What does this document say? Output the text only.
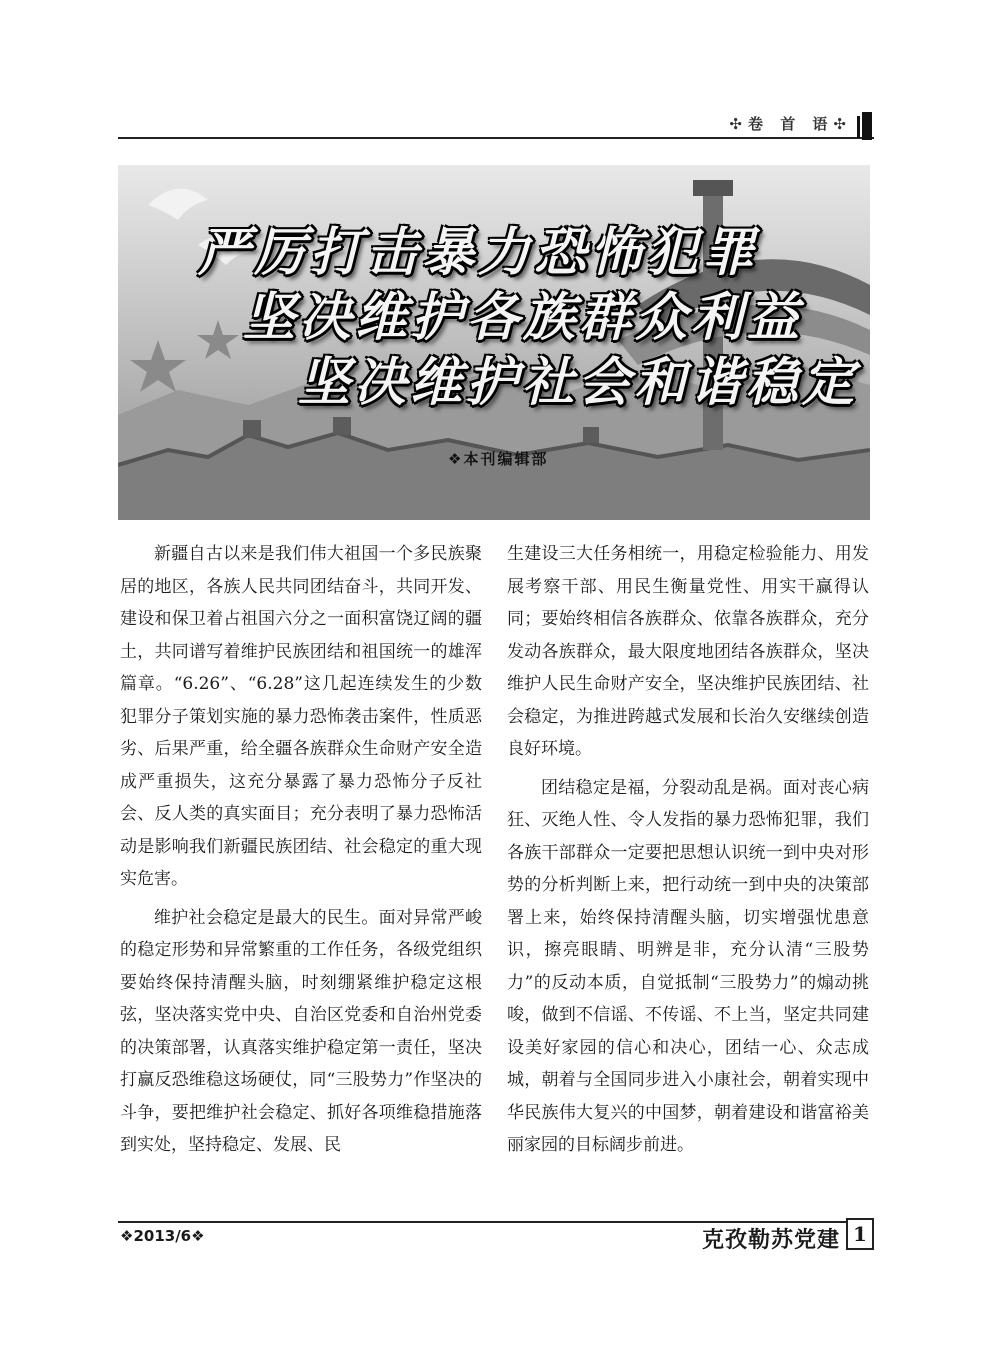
✣卷 首 语✣
严厉打击暴力恐怖犯罪
坚决维护各族群众利益
坚决维护社会和谐稳定
❖本刊编辑部

新疆自古以来是我们伟大祖国一个多民族聚居的地区，各族人民共同团结奋斗，共同开发、建设和保卫着占祖国六分之一面积富饶辽阔的疆土，共同谱写着维护民族团结和祖国统一的雄浑篇章。“6.26”、“6.28”这几起连续发生的少数犯罪分子策划实施的暴力恐怖袭击案件，性质恶劣、后果严重，给全疆各族群众生命财产安全造成严重损失，这充分暴露了暴力恐怖分子反社会、反人类的真实面目；充分表明了暴力恐怖活动是影响我们新疆民族团结、社会稳定的重大现实危害。

维护社会稳定是最大的民生。面对异常严峻的稳定形势和异常繁重的工作任务，各级党组织要始终保持清醒头脑，时刻绷紧维护稳定这根弦，坚决落实党中央、自治区党委和自治州党委的决策部署，认真落实维护稳定第一责任，坚决打赢反恐维稳这场硬仗，同“三股势力”作坚决的斗争，要把维护社会稳定、抓好各项维稳措施落到实处，坚持稳定、发展、民

生建设三大任务相统一，用稳定检验能力、用发展考察干部、用民生衡量党性、用实干赢得认同；要始终相信各族群众、依靠各族群众，充分发动各族群众，最大限度地团结各族群众，坚决维护人民生命财产安全，坚决维护民族团结、社会稳定，为推进跨越式发展和长治久安继续创造良好环境。

团结稳定是福，分裂动乱是祸。面对丧心病狂、灭绝人性、令人发指的暴力恐怖犯罪，我们各族干部群众一定要把思想认识统一到中央对形势的分析判断上来，把行动统一到中央的决策部署上来，始终保持清醒头脑，切实增强忧患意识，擦亮眼睛、明辨是非，充分认清“三股势力”的反动本质，自觉抵制“三股势力”的煽动挑唆，做到不信谣、不传谣、不上当，坚定共同建设美好家园的信心和决心，团结一心、众志成城，朝着与全国同步进入小康社会，朝着实现中华民族伟大复兴的中国梦，朝着建设和谐富裕美丽家园的目标阔步前进。

❖2013/6❖	克孜勒苏党建 1
